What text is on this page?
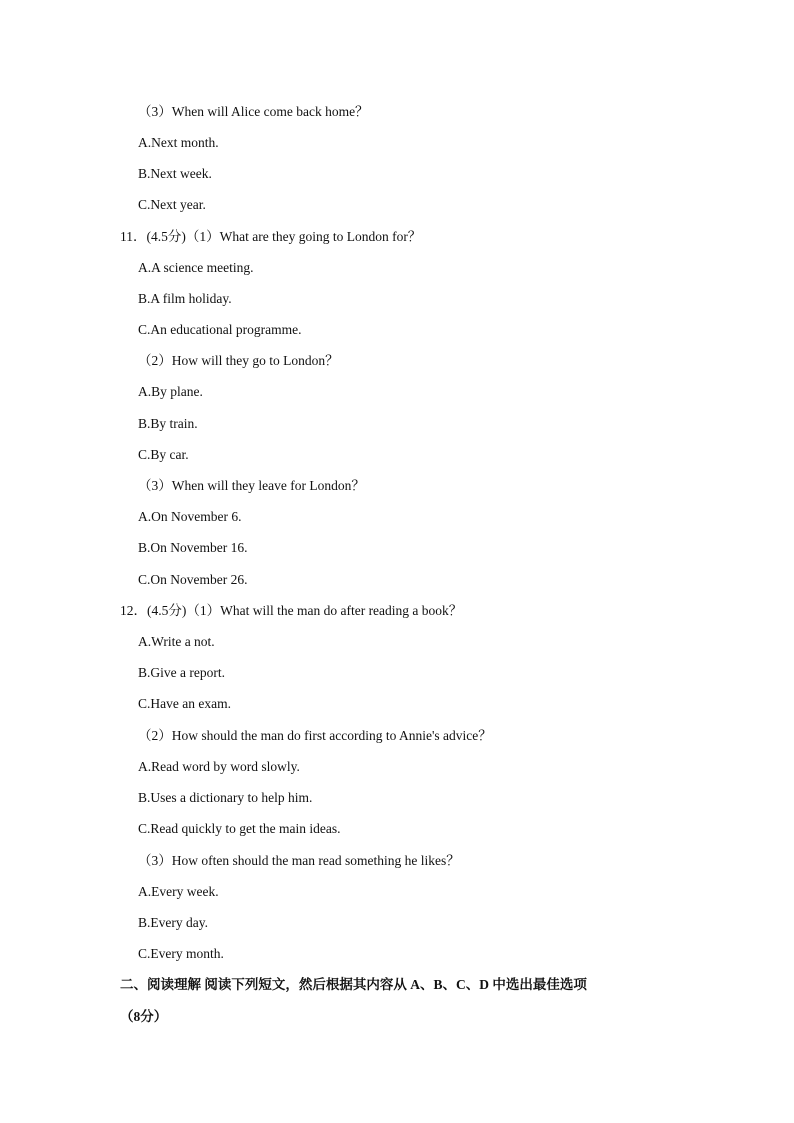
（3）When will Alice come back home？
A.Next month.
B.Next week.
C.Next year.
11．(4.5分)（1）What are they going to London for？
A.A science meeting.
B.A film holiday.
C.An educational programme.
（2）How will they go to London？
A.By plane.
B.By train.
C.By car.
（3）When will they leave for London？
A.On November 6.
B.On November 16.
C.On November 26.
12．(4.5分)（1）What will the man do after reading a book？
A.Write a not.
B.Give a report.
C.Have an exam.
（2）How should the man do first according to Annie's advice？
A.Read word by word slowly.
B.Uses a dictionary to help him.
C.Read quickly to get the main ideas.
（3）How often should the man read something he likes？
A.Every week.
B.Every day.
C.Every month.
二、阅读理解 阅读下列短文，然后根据其内容从 A、B、C、D 中选出最佳选项
（8分）
